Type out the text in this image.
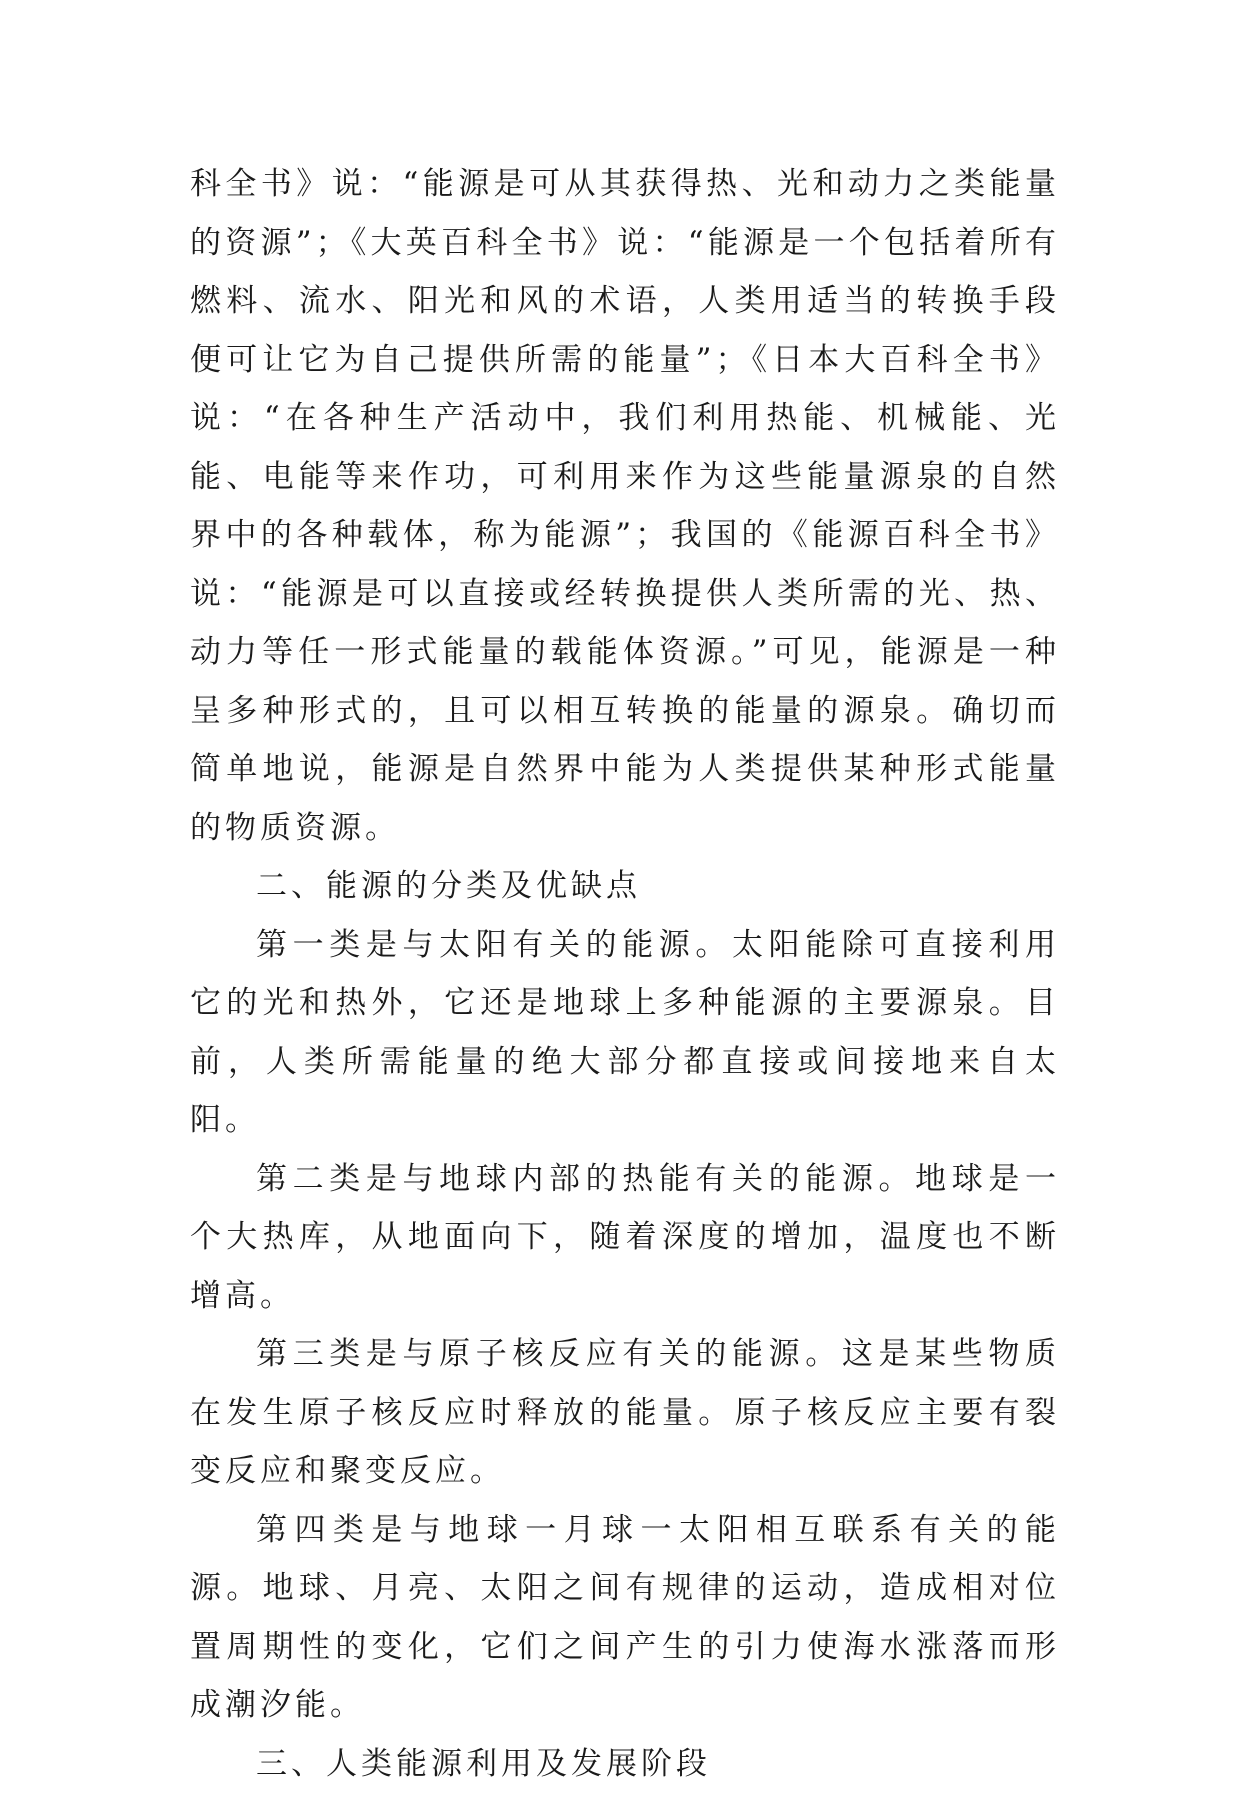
科全书》说：“能源是可从其获得热、光和动力之类能量的资源”；《大英百科全书》说：“能源是一个包括着所有燃料、流水、阳光和风的术语，人类用适当的转换手段便可让它为自己提供所需的能量”；《日本大百科全书》说：“在各种生产活动中，我们利用热能、机械能、光能、电能等来作功，可利用来作为这些能量源泉的自然界中的各种载体，称为能源”；我国的《能源百科全书》说：“能源是可以直接或经转换提供人类所需的光、热、动力等任一形式能量的载能体资源。”可见，能源是一种呈多种形式的，且可以相互转换的能量的源泉。确切而简单地说，能源是自然界中能为人类提供某种形式能量的物质资源。

二、能源的分类及优缺点

第一类是与太阳有关的能源。太阳能除可直接利用它的光和热外，它还是地球上多种能源的主要源泉。目前，人类所需能量的绝大部分都直接或间接地来自太阳。

第二类是与地球内部的热能有关的能源。地球是一个大热库，从地面向下，随着深度的增加，温度也不断增高。

第三类是与原子核反应有关的能源。这是某些物质在发生原子核反应时释放的能量。原子核反应主要有裂变反应和聚变反应。

第四类是与地球一月球一太阳相互联系有关的能源。地球、月亮、太阳之间有规律的运动，造成相对位置周期性的变化，它们之间产生的引力使海水涨落而形成潮汐能。

三、人类能源利用及发展阶段
